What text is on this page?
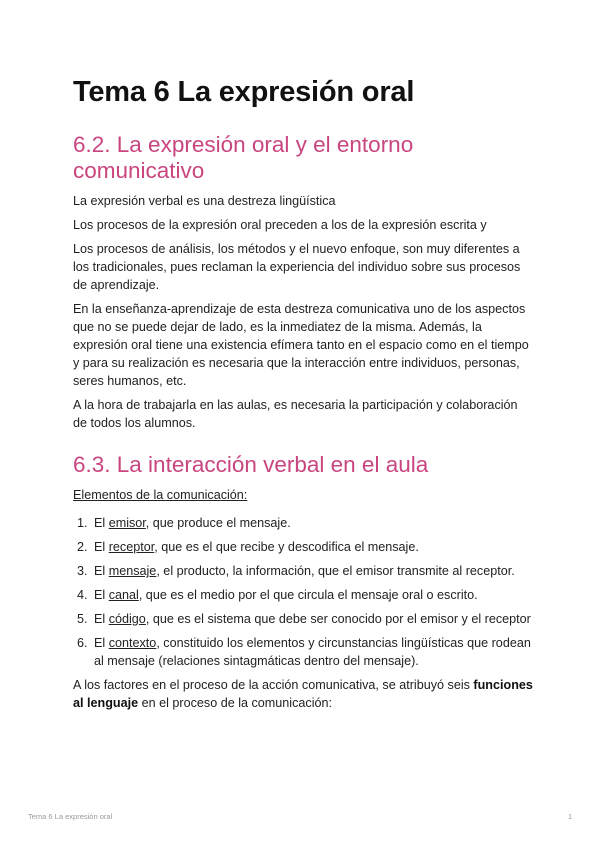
Tema 6 La expresión oral
6.2. La expresión oral y el entorno comunicativo

La expresión verbal es una destreza lingüística

Los procesos de la expresión oral preceden a los de la expresión escrita y

Los procesos de análisis, los métodos y el nuevo enfoque, son muy diferentes a los tradicionales, pues reclaman la experiencia del individuo sobre sus procesos de aprendizaje.

En la enseñanza-aprendizaje de esta destreza comunicativa uno de los aspectos que no se puede dejar de lado, es la inmediatez de la misma. Además, la expresión oral tiene una existencia efímera tanto en el espacio como en el tiempo y para su realización es necesaria que la interacción entre individuos, personas, seres humanos, etc.

A la hora de trabajarla en las aulas, es necesaria la participación y colaboración de todos los alumnos.

6.3. La interacción verbal en el aula

Elementos de la comunicación:

1. El emisor, que produce el mensaje.
2. El receptor, que es el que recibe y descodifica el mensaje.
3. El mensaje, el producto, la información, que el emisor transmite al receptor.
4. El canal, que es el medio por el que circula el mensaje oral o escrito.
5. El código, que es el sistema que debe ser conocido por el emisor y el receptor
6. El contexto, constituido los elementos y circunstancias lingüísticas que rodean al mensaje (relaciones sintagmáticas dentro del mensaje).

A los factores en el proceso de la acción comunicativa, se atribuyó seis funciones al lenguaje en el proceso de la comunicación:

Tema 6 La expresión oral	1
